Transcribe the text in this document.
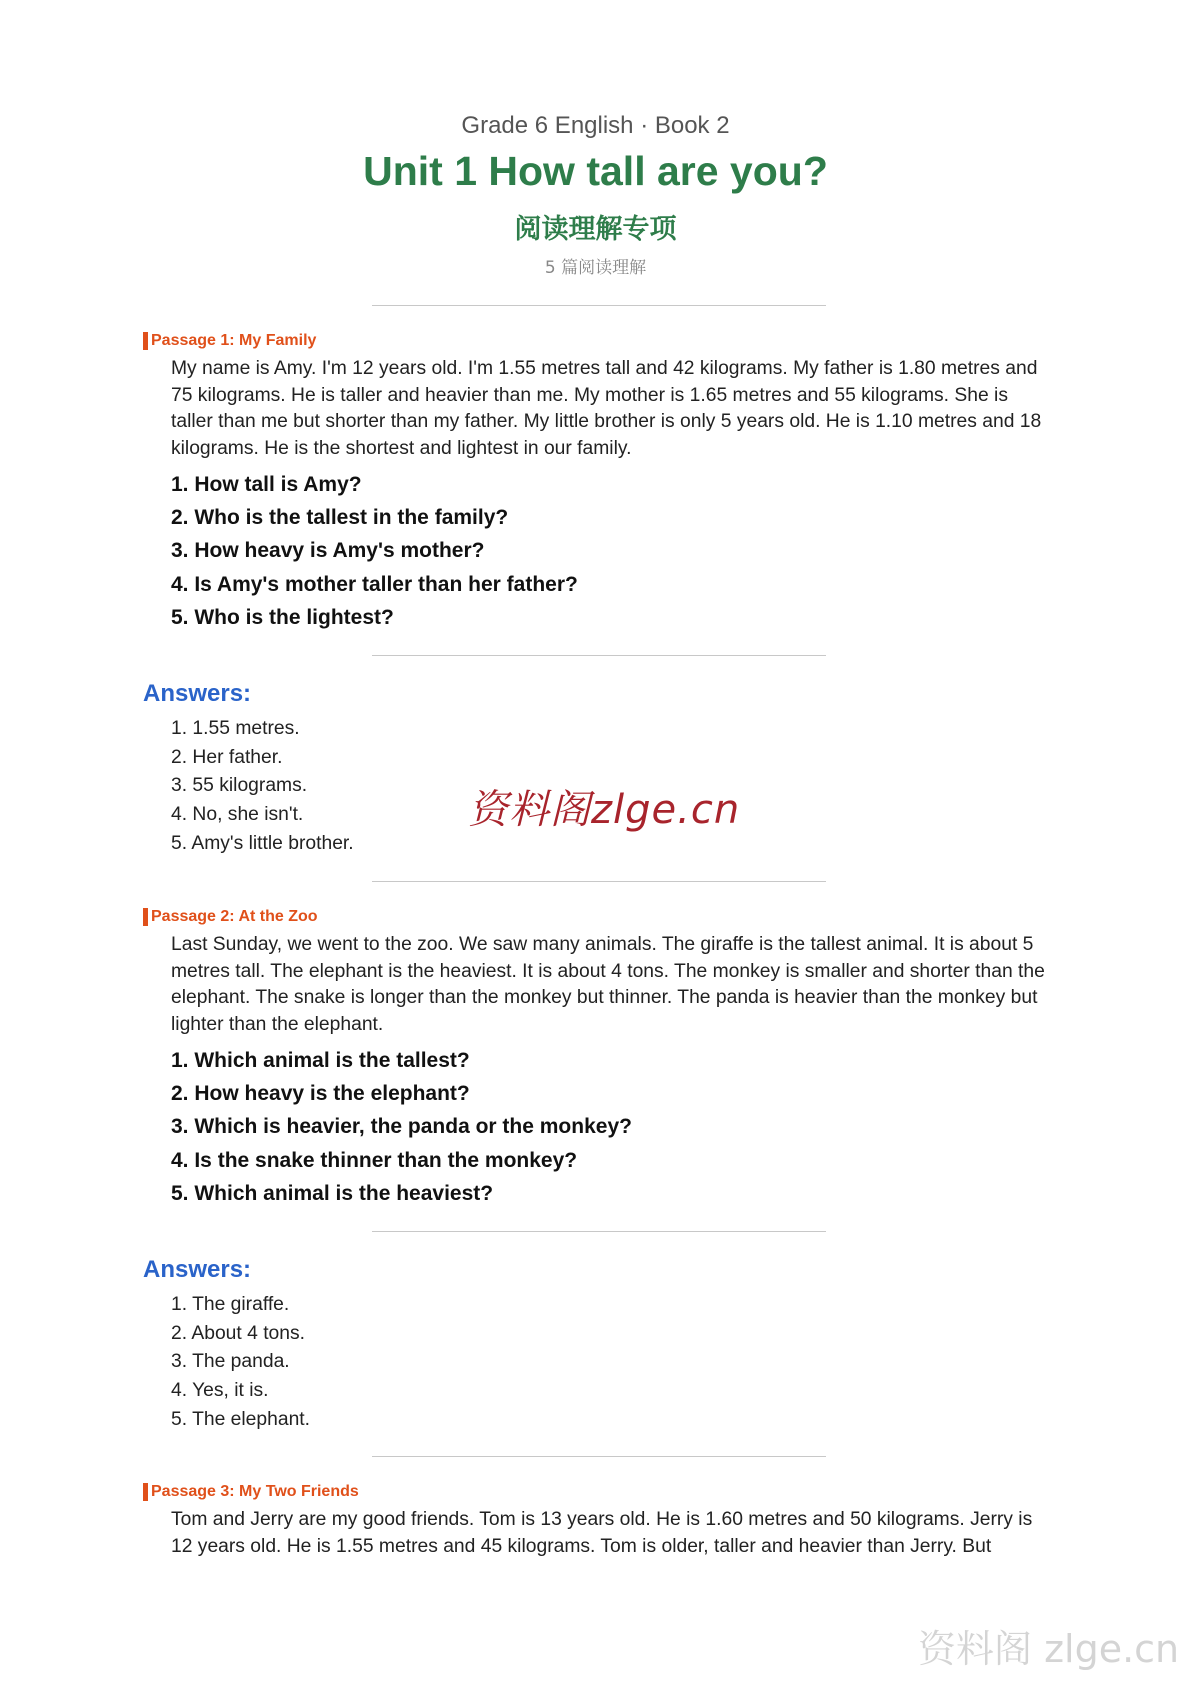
Grade 6 English · Book 2
Unit 1 How tall are you?
阅读理解专项
5 篇阅读理解
Passage 1: My Family
My name is Amy. I'm 12 years old. I'm 1.55 metres tall and 42 kilograms. My father is 1.80 metres and 75 kilograms. He is taller and heavier than me. My mother is 1.65 metres and 55 kilograms. She is taller than me but shorter than my father. My little brother is only 5 years old. He is 1.10 metres and 18 kilograms. He is the shortest and lightest in our family.
1. How tall is Amy?
2. Who is the tallest in the family?
3. How heavy is Amy's mother?
4. Is Amy's mother taller than her father?
5. Who is the lightest?
Answers:
1. 1.55 metres.
2. Her father.
3. 55 kilograms.
4. No, she isn't.
5. Amy's little brother.
资料阁zlge.cn
Passage 2: At the Zoo
Last Sunday, we went to the zoo. We saw many animals. The giraffe is the tallest animal. It is about 5 metres tall. The elephant is the heaviest. It is about 4 tons. The monkey is smaller and shorter than the elephant. The snake is longer than the monkey but thinner. The panda is heavier than the monkey but lighter than the elephant.
1. Which animal is the tallest?
2. How heavy is the elephant?
3. Which is heavier, the panda or the monkey?
4. Is the snake thinner than the monkey?
5. Which animal is the heaviest?
Answers:
1. The giraffe.
2. About 4 tons.
3. The panda.
4. Yes, it is.
5. The elephant.
Passage 3: My Two Friends
Tom and Jerry are my good friends. Tom is 13 years old. He is 1.60 metres and 50 kilograms. Jerry is 12 years old. He is 1.55 metres and 45 kilograms. Tom is older, taller and heavier than Jerry. But
资料阁 zlge.cn
